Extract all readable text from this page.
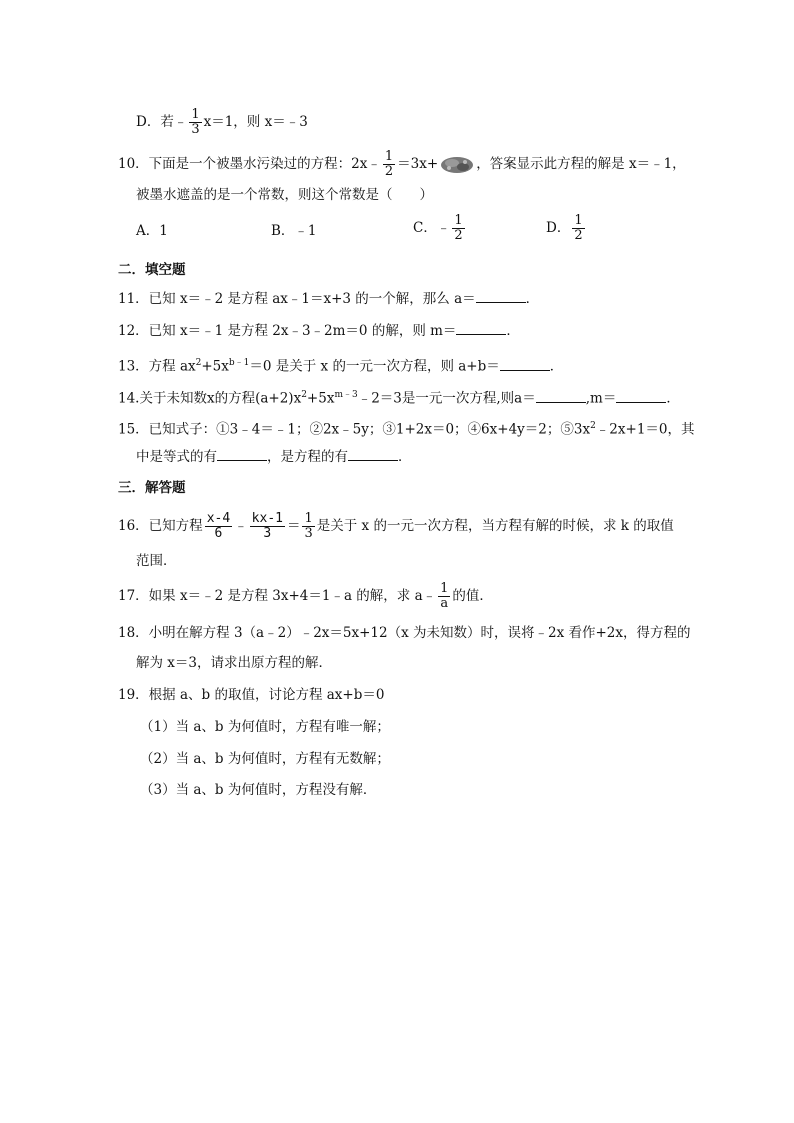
D．若﹣ $\frac{1}{3} x=1$，则 x＝﹣3
10．下面是一个被墨水污染过的方程：2x﹣ $\frac{1}{2} =3x+$	，答案显示此方程的解是 x＝﹣1，
被墨水遮盖的是一个常数，则这个常数是（　　）
A．1	B．﹣1	C．﹣ $\frac{1}{2}$	D． $\frac{1}{2}$
二．填空题
11．已知 x＝﹣2 是方程 ax﹣1＝x+3 的一个解，那么 a＝	．
12．已知 x＝﹣1 是方程 2x﹣3﹣2m＝0 的解，则 m＝	．
13．方程 $ax^2+5x^{b﹣1}=0$ 是关于 x 的一元一次方程，则 a+b＝	．
14.关于未知数x的方程$(a+2)x^2+5x^{m﹣3}﹣2=3$是一元一次方程,则a＝	,m＝	．
15．已知式子：①3﹣4＝﹣1；②2x﹣5y；③1+2x＝0；④6x+4y＝2；$⑤3x^2﹣2x+1=0$，其
中是等式的有	，是方程的有	．
三．解答题
16．已知方程 $\frac{x-4}{6}$ ﹣ $\frac{kx-1}{3} = \frac{1}{3}$ 是关于 x 的一元一次方程，当方程有解的时候，求 k 的取值
范围．
17．如果 x＝﹣2 是方程 3x+4＝1﹣a 的解，求 a﹣ $\frac{1}{a}$ 的值．
18．小明在解方程 3（a﹣2）﹣2x＝5x+12（x 为未知数）时，误将﹣2x 看作+2x，得方程的
解为 x＝3，请求出原方程的解．
19．根据 a、b 的取值，讨论方程 ax+b＝0
（1）当 a、b 为何值时，方程有唯一解；
（2）当 a、b 为何值时，方程有无数解；
（3）当 a、b 为何值时，方程没有解．
